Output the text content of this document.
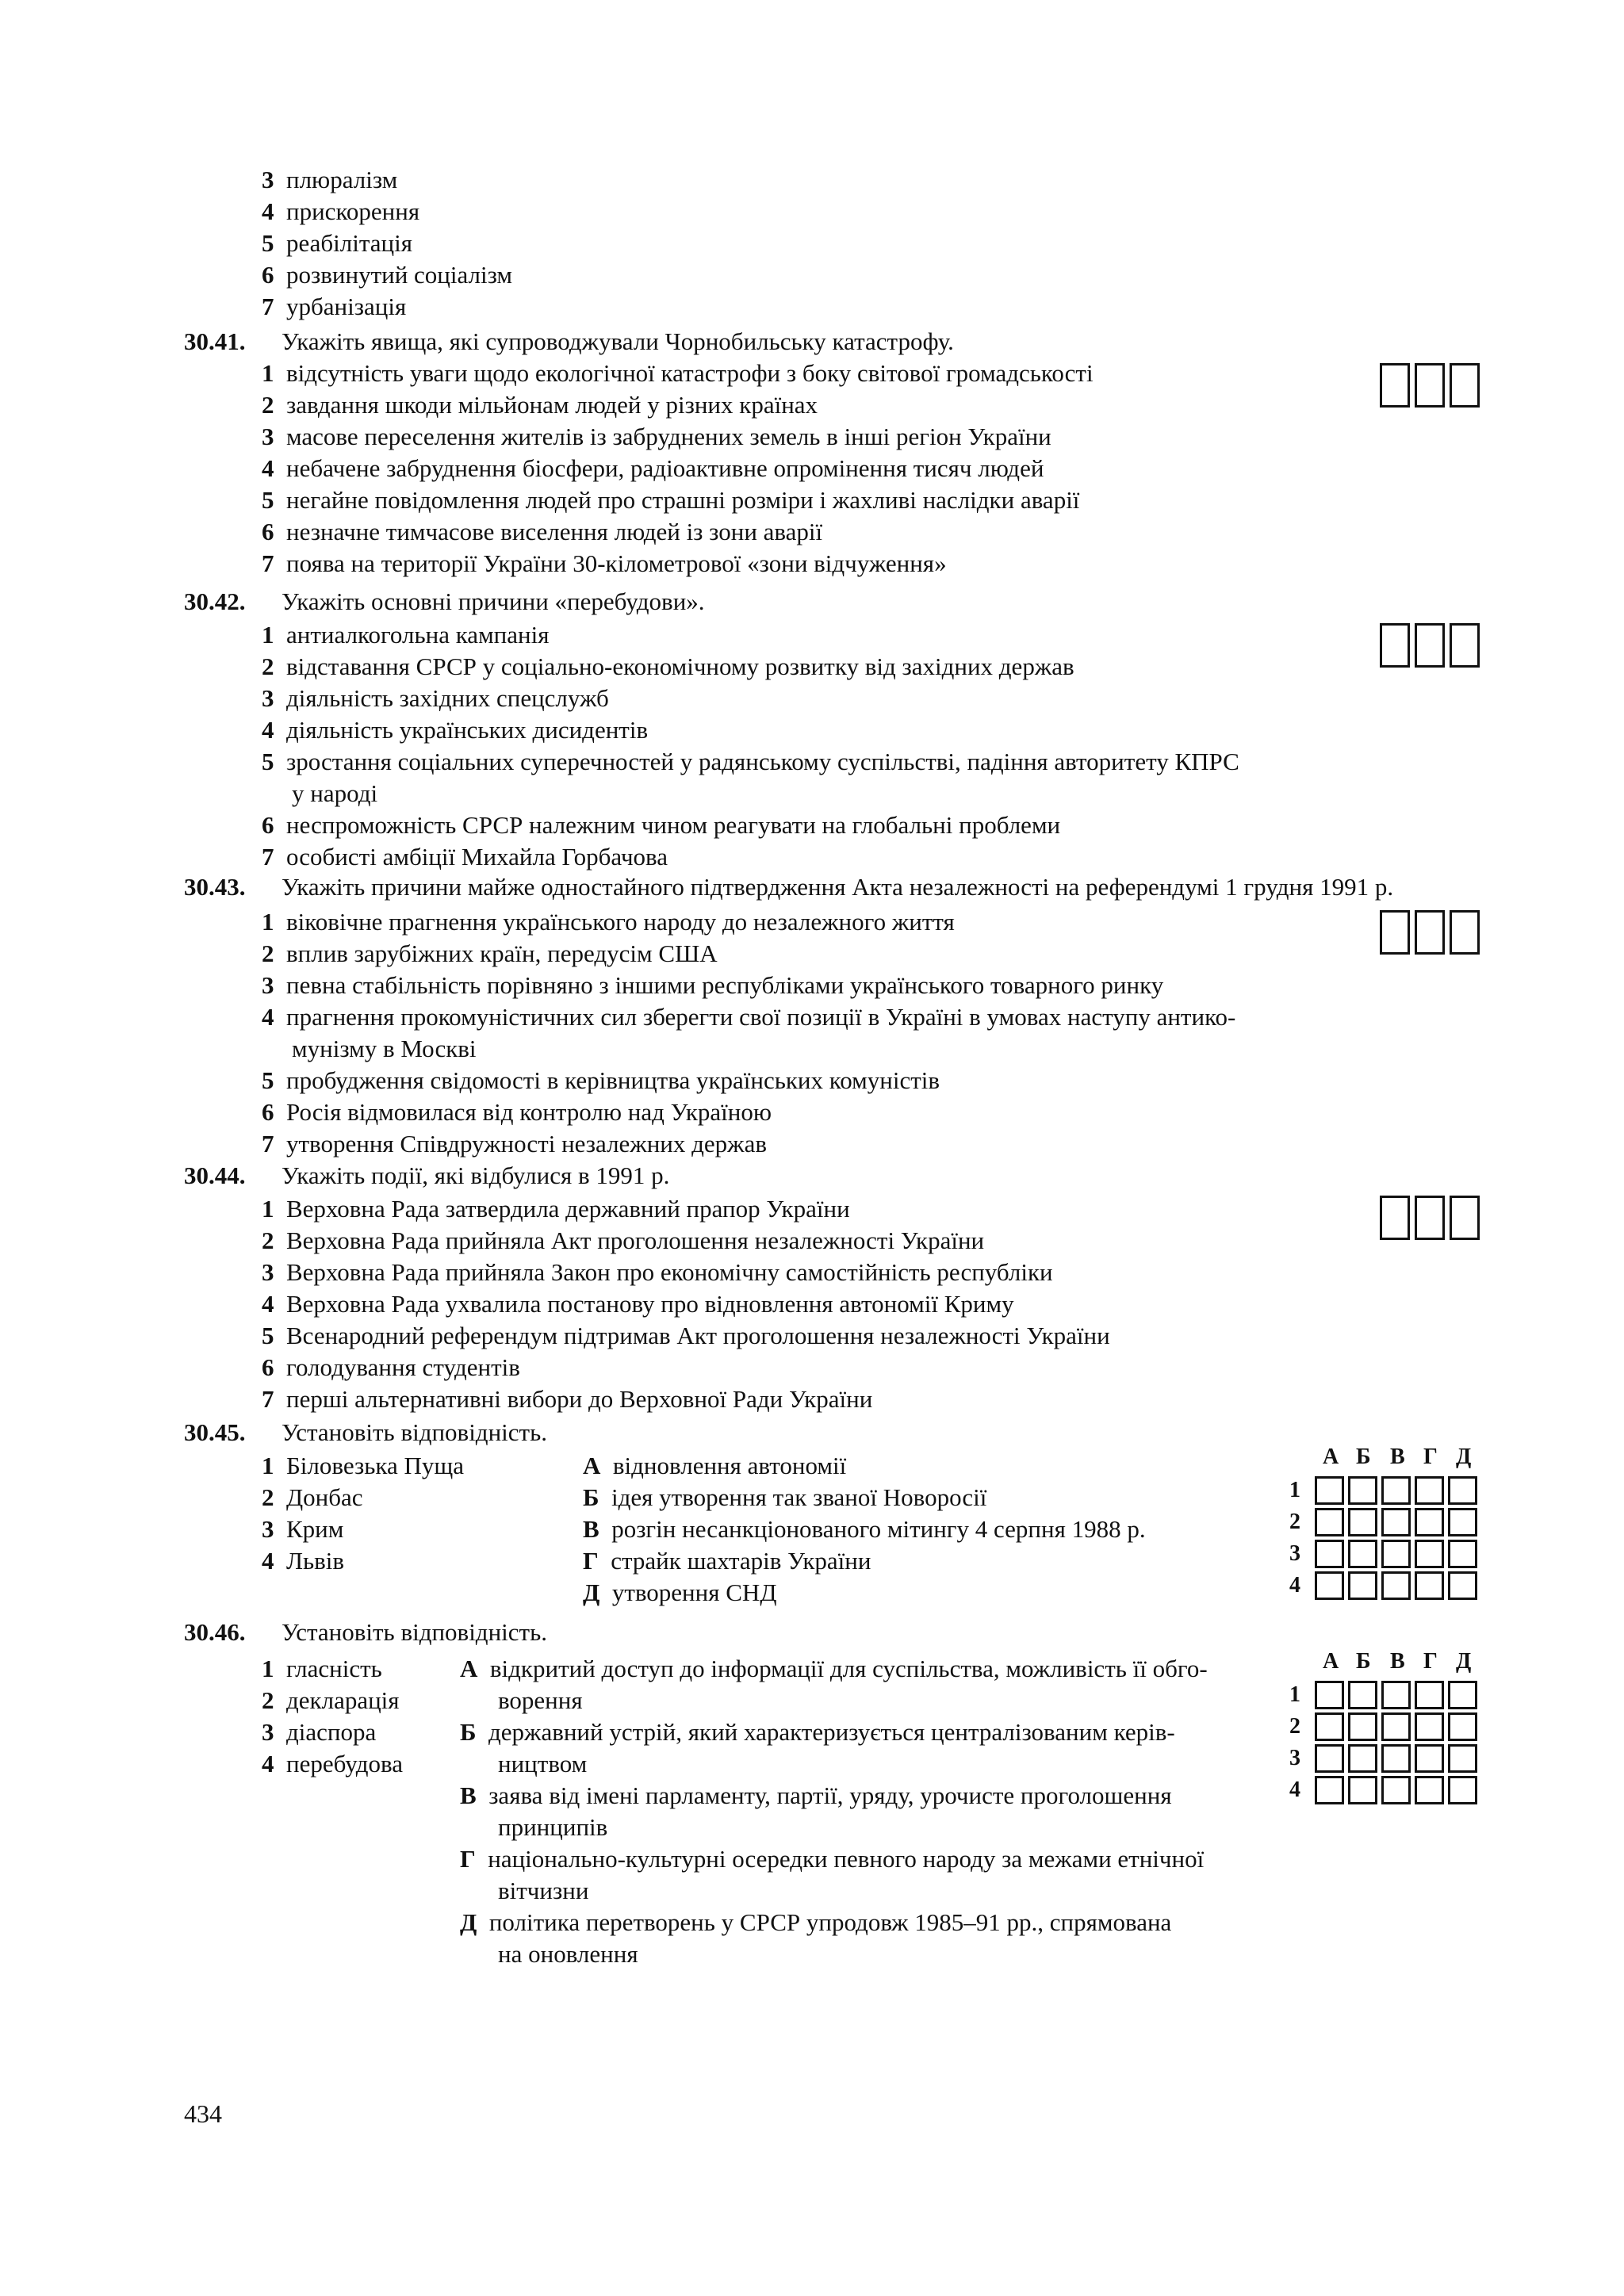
3 плюралізм
4 прискорення
5 реабілітація
6 розвинутий соціалізм
7 урбанізація
30.41. Укажіть явища, які супроводжували Чорнобильську катастрофу.
1 відсутність уваги щодо екологічної катастрофи з боку світової громадськості
2 завдання шкоди мільйонам людей у різних країнах
3 масове переселення жителів із забруднених земель в інші регіон України
4 небачене забруднення біосфери, радіоактивне опромінення тисяч людей
5 негайне повідомлення людей про страшні розміри і жахливі наслідки аварії
6 незначне тимчасове виселення людей із зони аварії
7 поява на території України 30-кілометрової «зони відчуження»
30.42. Укажіть основні причини «перебудови».
1 антиалкогольна кампанія
2 відставання СРСР у соціально-економічному розвитку від західних держав
3 діяльність західних спецслужб
4 діяльність українських дисидентів
5 зростання соціальних суперечностей у радянському суспільстві, падіння авторитету КПРС
у народі
6 неспроможність СРСР належним чином реагувати на глобальні проблеми
7 особисті амбіції Михайла Горбачова
30.43. Укажіть причини майже одностайного підтвердження Акта незалежності на референдумі 1 грудня 1991 р.
1 віковічне прагнення українського народу до незалежного життя
2 вплив зарубіжних країн, передусім США
3 певна стабільність порівняно з іншими республіками українського товарного ринку
4 прагнення прокомуністичних сил зберегти свої позиції в Україні в умовах наступу антико-
мунізму в Москві
5 пробудження свідомості в керівництва українських комуністів
6 Росія відмовилася від контролю над Україною
7 утворення Співдружності незалежних держав
30.44. Укажіть події, які відбулися в 1991 р.
1 Верховна Рада затвердила державний прапор України
2 Верховна Рада прийняла Акт проголошення незалежності України
3 Верховна Рада прийняла Закон про економічну самостійність республіки
4 Верховна Рада ухвалила постанову про відновлення автономії Криму
5 Всенародний референдум підтримав Акт проголошення незалежності України
6 голодування студентів
7 перші альтернативні вибори до Верховної Ради України
30.45. Установіть відповідність.
1 Біловезька Пуща
2 Донбас
3 Крим
4 Львів
А відновлення автономії
Б ідея утворення так званої Новоросії
В розгін несанкціонованого мітингу 4 серпня 1988 р.
Г страйк шахтарів України
Д утворення СНД
А Б В Г Д
1
2
3
4
30.46. Установіть відповідність.
1 гласність
2 декларація
3 діаспора
4 перебудова
А відкритий доступ до інформації для суспільства, можливість її обго-
ворення
Б державний устрій, який характеризується централізованим керів-
ництвом
В заява від імені парламенту, партії, уряду, урочисте проголошення
принципів
Г національно-культурні осередки певного народу за межами етнічної
вітчизни
Д політика перетворень у СРСР упродовж 1985–91 рр., спрямована
на оновлення
А Б В Г Д
1
2
3
4
434
